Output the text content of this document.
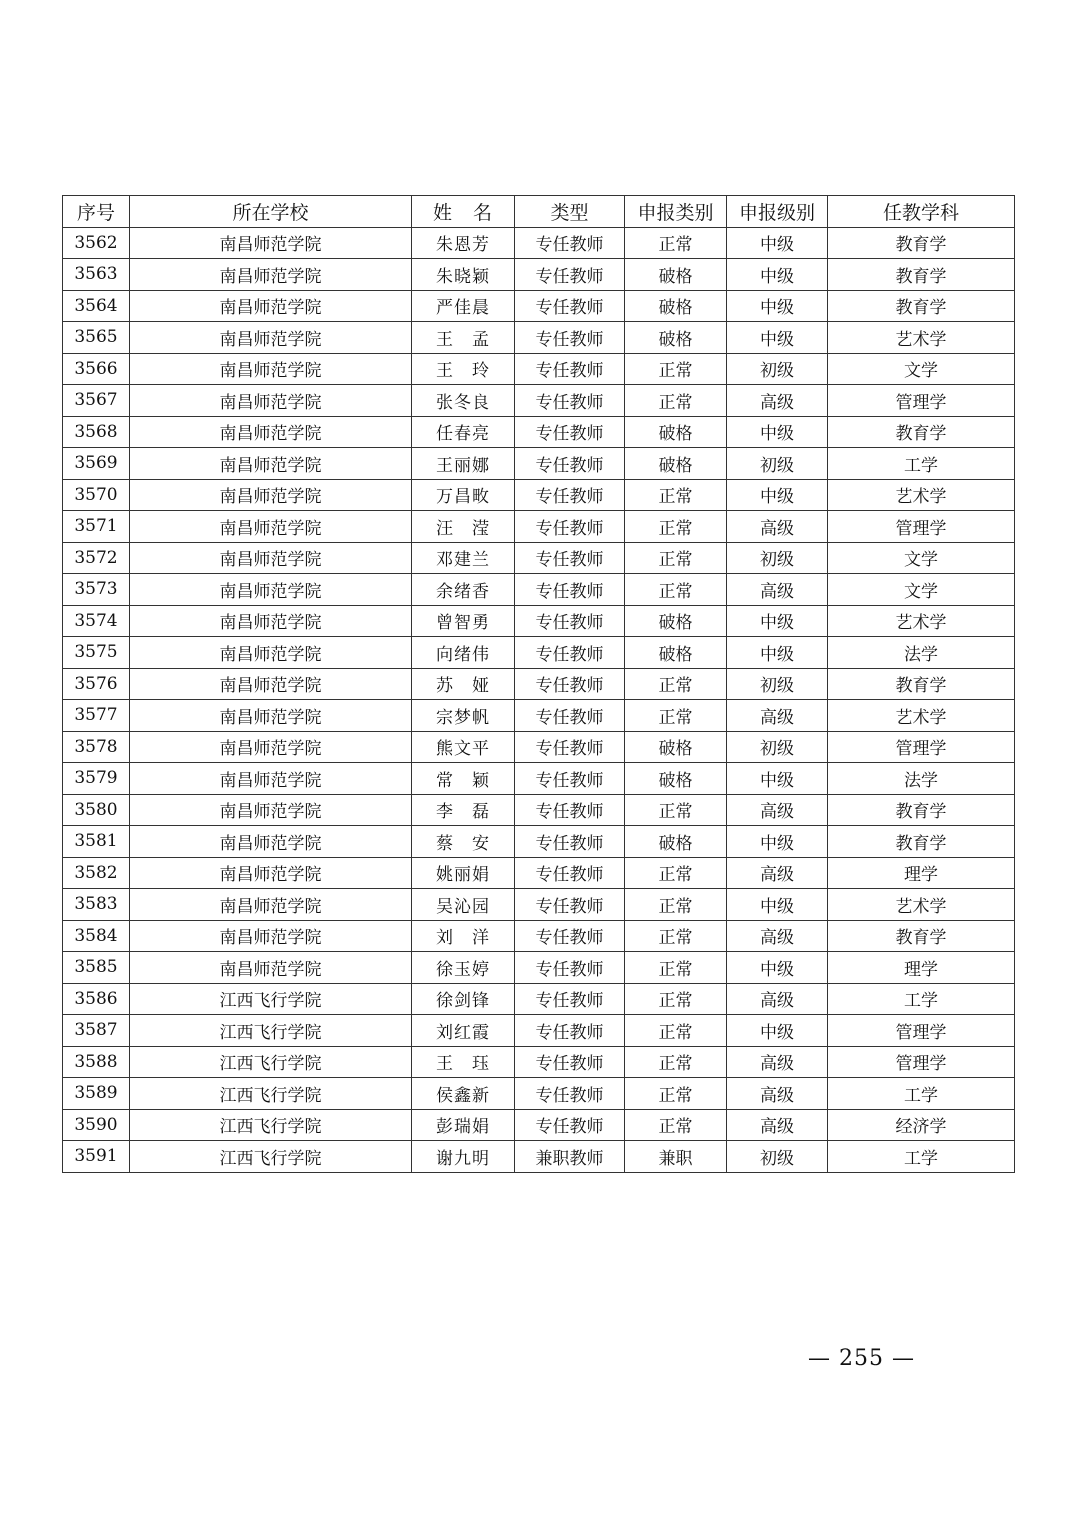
序号	所在学校	姓　名	类型	申报类别	申报级别	任教学科
3562	南昌师范学院	朱恩芳	专任教师	正常	中级	教育学
3563	南昌师范学院	朱晓颖	专任教师	破格	中级	教育学
3564	南昌师范学院	严佳晨	专任教师	破格	中级	教育学
3565	南昌师范学院	王　孟	专任教师	破格	中级	艺术学
3566	南昌师范学院	王　玲	专任教师	正常	初级	文学
3567	南昌师范学院	张冬良	专任教师	正常	高级	管理学
3568	南昌师范学院	任春亮	专任教师	破格	中级	教育学
3569	南昌师范学院	王丽娜	专任教师	破格	初级	工学
3570	南昌师范学院	万昌畋	专任教师	正常	中级	艺术学
3571	南昌师范学院	汪　滢	专任教师	正常	高级	管理学
3572	南昌师范学院	邓建兰	专任教师	正常	初级	文学
3573	南昌师范学院	余绪香	专任教师	正常	高级	文学
3574	南昌师范学院	曾智勇	专任教师	破格	中级	艺术学
3575	南昌师范学院	向绪伟	专任教师	破格	中级	法学
3576	南昌师范学院	苏　娅	专任教师	正常	初级	教育学
3577	南昌师范学院	宗梦帆	专任教师	正常	高级	艺术学
3578	南昌师范学院	熊文平	专任教师	破格	初级	管理学
3579	南昌师范学院	常　颖	专任教师	破格	中级	法学
3580	南昌师范学院	李　磊	专任教师	正常	高级	教育学
3581	南昌师范学院	蔡　安	专任教师	破格	中级	教育学
3582	南昌师范学院	姚丽娟	专任教师	正常	高级	理学
3583	南昌师范学院	吴沁园	专任教师	正常	中级	艺术学
3584	南昌师范学院	刘　洋	专任教师	正常	高级	教育学
3585	南昌师范学院	徐玉婷	专任教师	正常	中级	理学
3586	江西飞行学院	徐剑锋	专任教师	正常	高级	工学
3587	江西飞行学院	刘红霞	专任教师	正常	中级	管理学
3588	江西飞行学院	王　珏	专任教师	正常	高级	管理学
3589	江西飞行学院	侯鑫新	专任教师	正常	高级	工学
3590	江西飞行学院	彭瑞娟	专任教师	正常	高级	经济学
3591	江西飞行学院	谢九明	兼职教师	兼职	初级	工学
— 255 —
